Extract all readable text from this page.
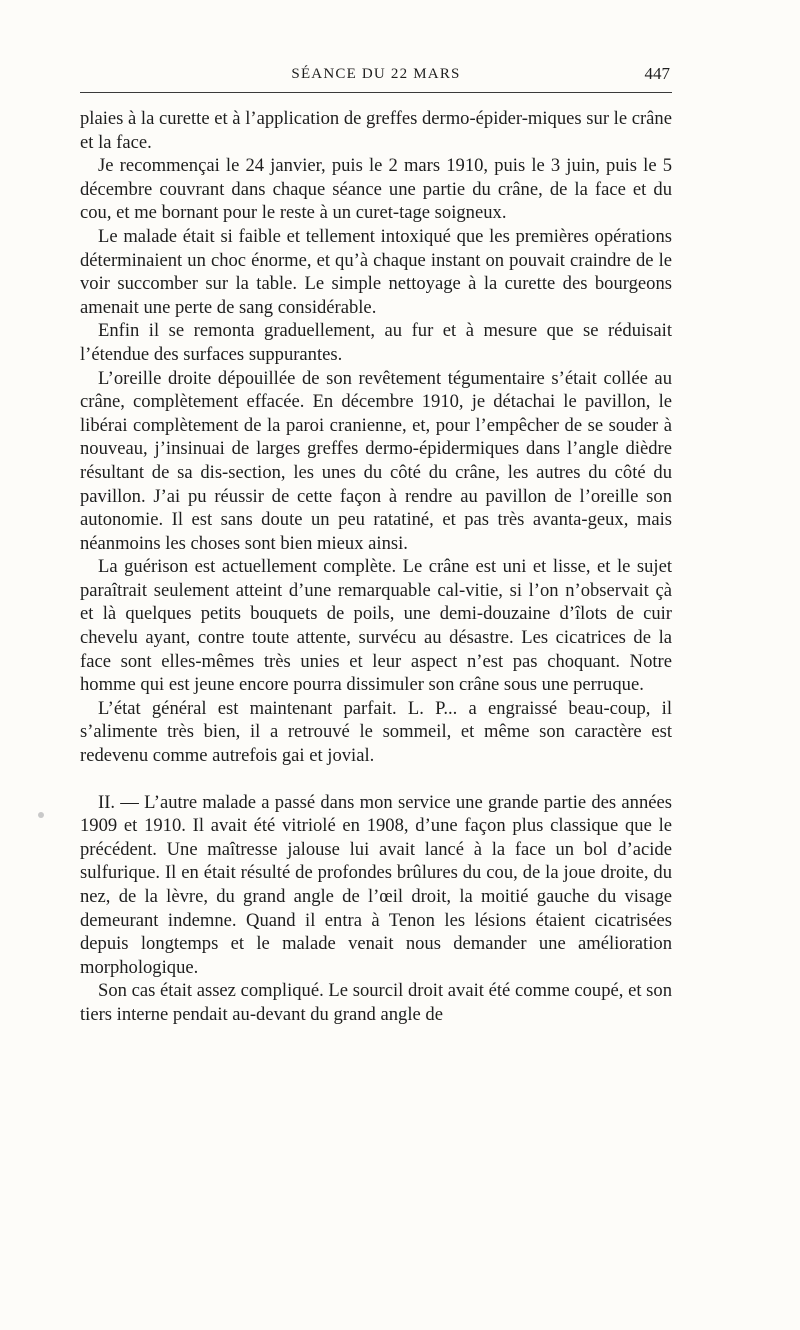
SÉANCE DU 22 MARS	447

plaies à la curette et à l’application de greffes dermo-épider-miques sur le crâne et la face.

Je recommençai le 24 janvier, puis le 2 mars 1910, puis le 3 juin, puis le 5 décembre couvrant dans chaque séance une partie du crâne, de la face et du cou, et me bornant pour le reste à un curet-tage soigneux.

Le malade était si faible et tellement intoxiqué que les premières opérations déterminaient un choc énorme, et qu’à chaque instant on pouvait craindre de le voir succomber sur la table. Le simple nettoyage à la curette des bourgeons amenait une perte de sang considérable.

Enfin il se remonta graduellement, au fur et à mesure que se réduisait l’étendue des surfaces suppurantes.

L’oreille droite dépouillée de son revêtement tégumentaire s’était collée au crâne, complètement effacée. En décembre 1910, je détachai le pavillon, le libérai complètement de la paroi cranienne, et, pour l’empêcher de se souder à nouveau, j’insinuai de larges greffes dermo-épidermiques dans l’angle dièdre résultant de sa dis-section, les unes du côté du crâne, les autres du côté du pavillon. J’ai pu réussir de cette façon à rendre au pavillon de l’oreille son autonomie. Il est sans doute un peu ratatiné, et pas très avanta-geux, mais néanmoins les choses sont bien mieux ainsi.

La guérison est actuellement complète. Le crâne est uni et lisse, et le sujet paraîtrait seulement atteint d’une remarquable cal-vitie, si l’on n’observait çà et là quelques petits bouquets de poils, une demi-douzaine d’îlots de cuir chevelu ayant, contre toute attente, survécu au désastre. Les cicatrices de la face sont elles-mêmes très unies et leur aspect n’est pas choquant. Notre homme qui est jeune encore pourra dissimuler son crâne sous une perruque.

L’état général est maintenant parfait. L. P... a engraissé beau-coup, il s’alimente très bien, il a retrouvé le sommeil, et même son caractère est redevenu comme autrefois gai et jovial.

II. — L’autre malade a passé dans mon service une grande partie des années 1909 et 1910. Il avait été vitriolé en 1908, d’une façon plus classique que le précédent. Une maîtresse jalouse lui avait lancé à la face un bol d’acide sulfurique. Il en était résulté de profondes brûlures du cou, de la joue droite, du nez, de la lèvre, du grand angle de l’œil droit, la moitié gauche du visage demeurant indemne. Quand il entra à Tenon les lésions étaient cicatrisées depuis longtemps et le malade venait nous demander une amélioration morphologique.

Son cas était assez compliqué. Le sourcil droit avait été comme coupé, et son tiers interne pendait au-devant du grand angle de
